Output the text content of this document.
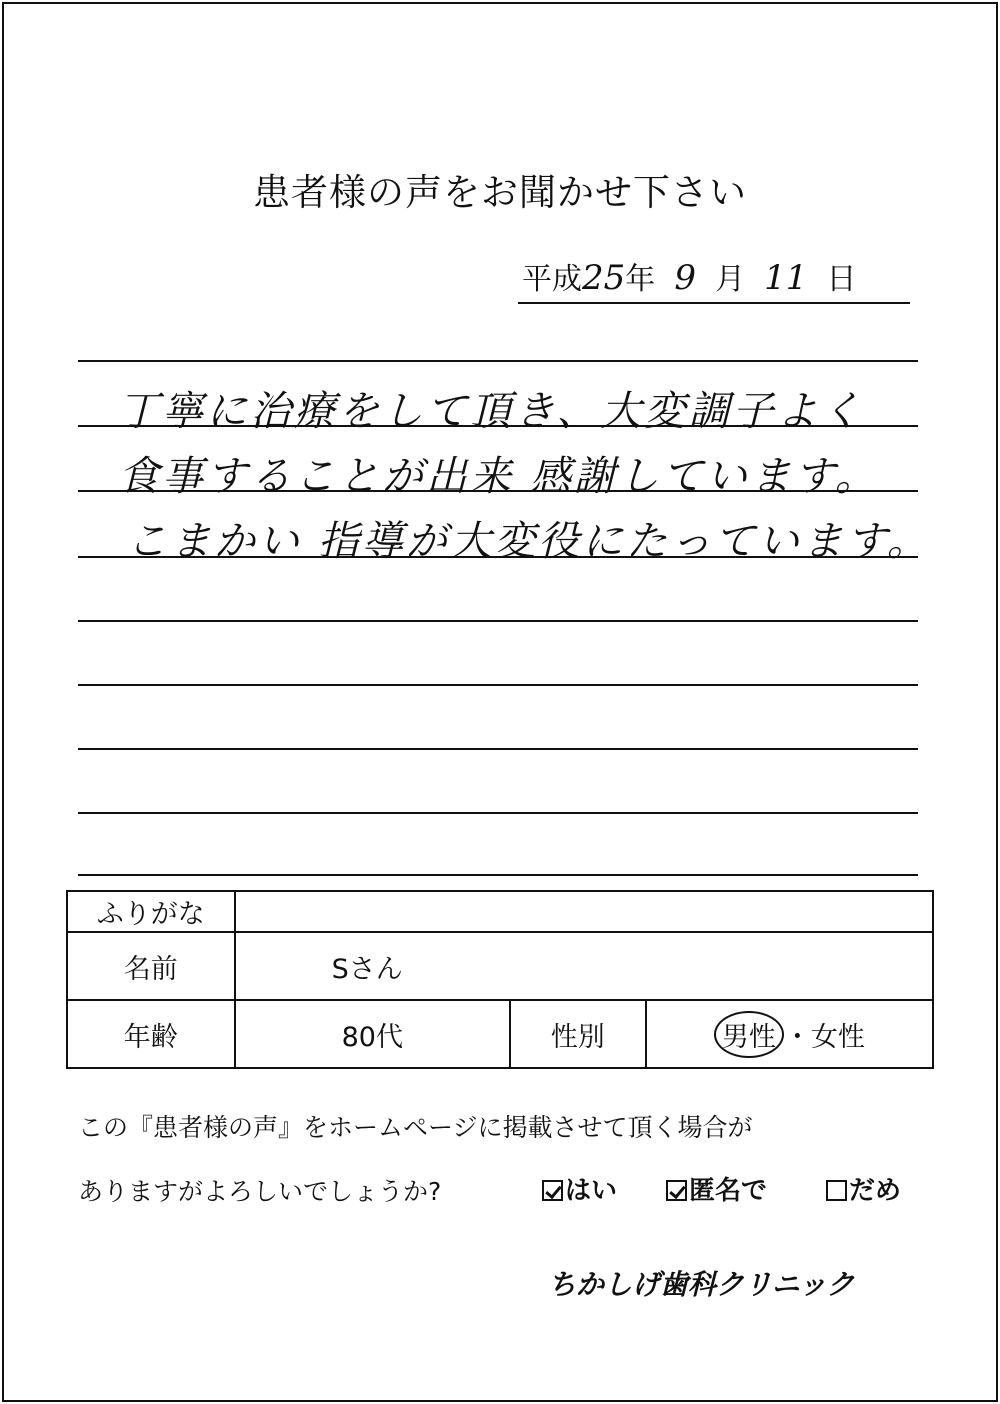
患者様の声をお聞かせ下さい
平成25年 9 月 11 日
丁寧に治療をして頂き、大変調子よく
食事することが出来 感謝しています。
こまかい 指導が大変役にたっています。
ふりがな			
名前	Sさん		
年齢	80代	性別	男性 ・女性
この『患者様の声』をホームページに掲載させて頂く場合が
ありますがよろしいでしょうか?	はい	匿名で	だめ
ちかしげ歯科クリニック
